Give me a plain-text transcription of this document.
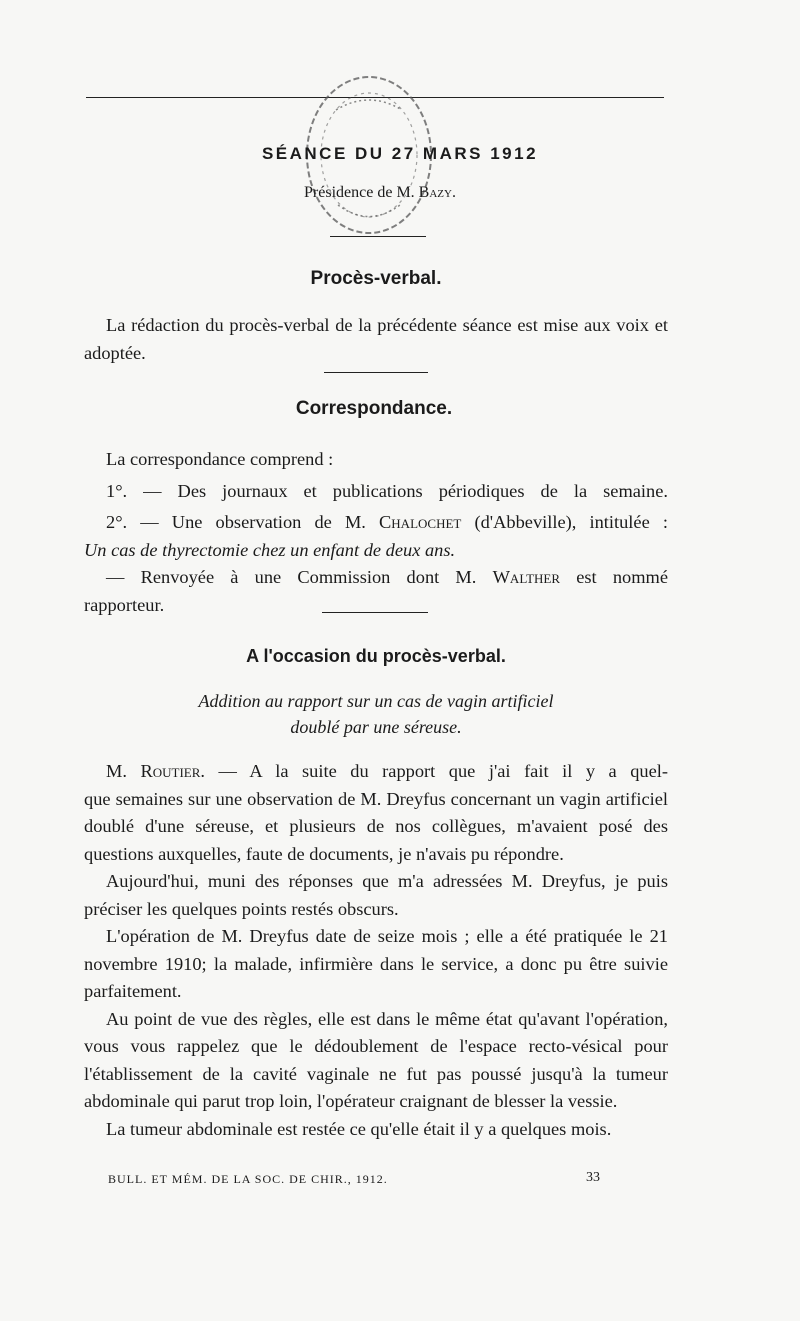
SÉANCE DU 27 MARS 1912
Présidence de M. Bazy.
Procès-verbal.
La rédaction du procès-verbal de la précédente séance est mise aux voix et adoptée.
Correspondance.
La correspondance comprend :
1°. — Des journaux et publications périodiques de la semaine.
2°. — Une observation de M. Chalochet (d'Abbeville), intitulée :
Un cas de thyrectomie chez un enfant de deux ans.
— Renvoyée à une Commission dont M. Walther est nommé
rapporteur.
A l'occasion du procès-verbal.
Addition au rapport sur un cas de vagin artificiel
doublé par une séreuse.
M. Routier. — A la suite du rapport que j'ai fait il y a quel-
que semaines sur une observation de M. Dreyfus concernant un vagin artificiel doublé d'une séreuse, et plusieurs de nos collègues, m'avaient posé des questions auxquelles, faute de documents, je n'avais pu répondre.
Aujourd'hui, muni des réponses que m'a adressées M. Dreyfus, je puis préciser les quelques points restés obscurs.
L'opération de M. Dreyfus date de seize mois ; elle a été pratiquée le 21 novembre 1910; la malade, infirmière dans le service, a donc pu être suivie parfaitement.
Au point de vue des règles, elle est dans le même état qu'avant l'opération, vous vous rappelez que le dédoublement de l'espace recto-vésical pour l'établissement de la cavité vaginale ne fut pas poussé jusqu'à la tumeur abdominale qui parut trop loin, l'opérateur craignant de blesser la vessie.
La tumeur abdominale est restée ce qu'elle était il y a quelques mois.
BULL. ET MÉM. DE LA SOC. DE CHIR., 1912.	33
